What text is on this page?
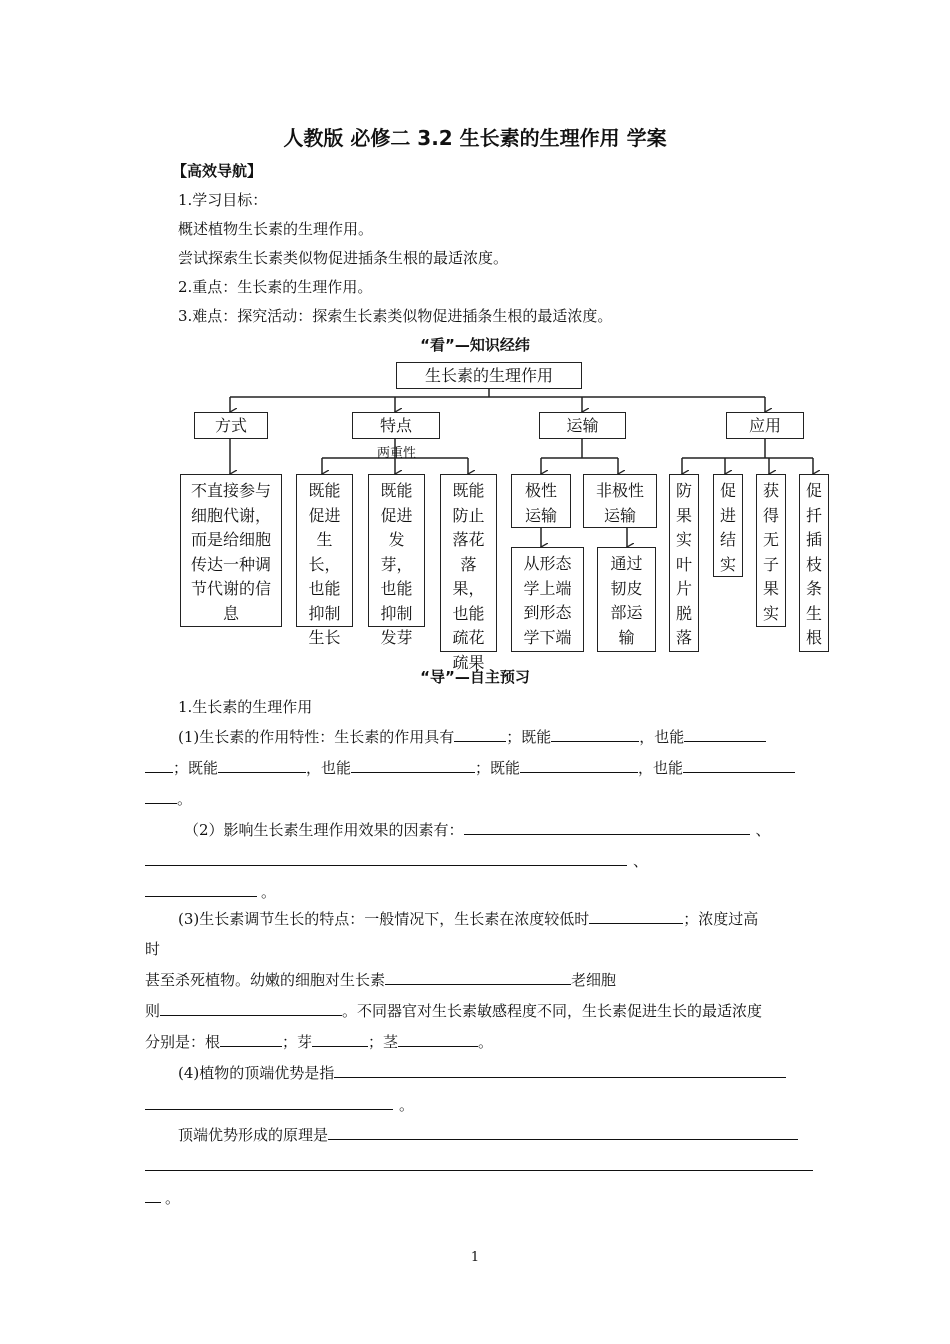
人教版 必修二 3.2 生长素的生理作用 学案
【高效导航】
1.学习目标：
概述植物生长素的生理作用。
尝试探索生长素类似物促进插条生根的最适浓度。
2.重点：生长素的生理作用。
3.难点：探究活动：探索生长素类似物促进插条生根的最适浓度。
“看”—知识经纬
生长素的生理作用
方式	特点	运输	应用
两重性
不直接参与细胞代谢，而是给细胞传达一种调节代谢的信息
既能促进生长，也能抑制生长
既能促进发芽，也能抑制发芽
既能防止落花落果，也能疏花疏果
极性运输
非极性运输
从形态学上端到形态学下端
通过韧皮部运输
防果实叶片脱落
促进结实
获得无子果实
促扦插枝条生根
“导”—自主预习
1.生长素的生理作用
(1)生长素的作用特性：生长素的作用具有	；既能	，也能
；既能	，也能	；既能	，也能
。
（2）影响生长素生理作用效果的因素有：	、
、
。
(3)生长素调节生长的特点：一般情况下，生长素在浓度较低时	；浓度过高
时
甚至杀死植物。幼嫩的细胞对生长素	老细胞
则	。不同器官对生长素敏感程度不同，生长素促进生长的最适浓度
分别是：根	；芽	；茎	。
(4)植物的顶端优势是指
。
顶端优势形成的原理是
。
1
